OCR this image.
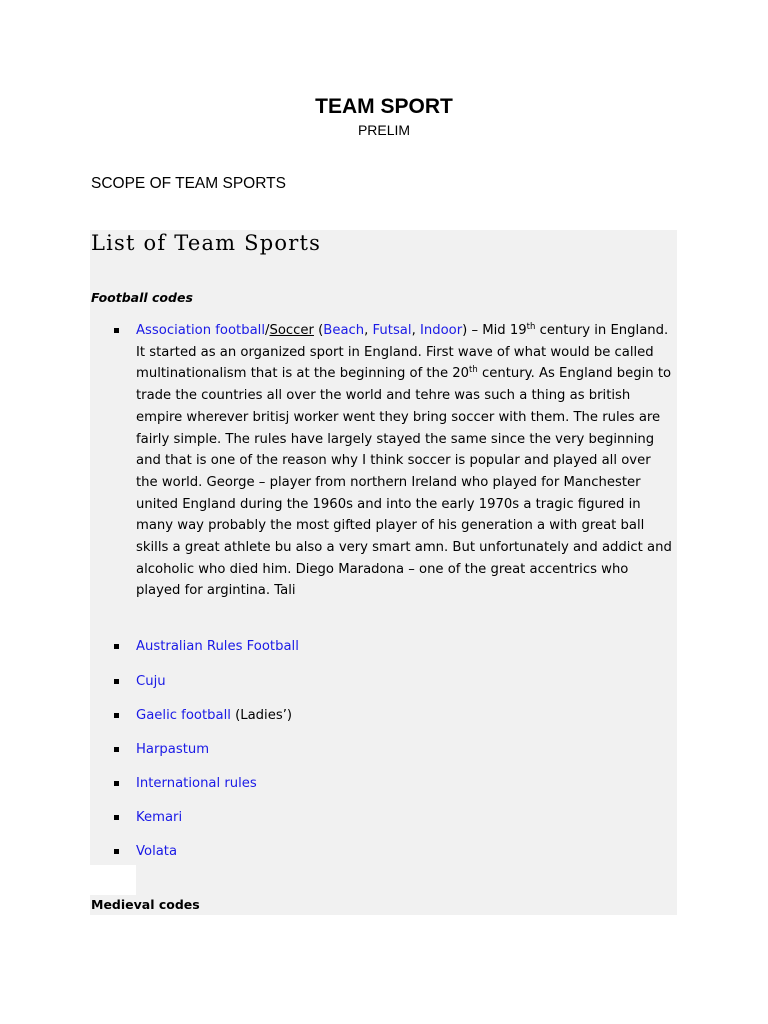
TEAM SPORT
PRELIM
SCOPE OF TEAM SPORTS
List of Team Sports
Football codes
Association football/Soccer (Beach, Futsal, Indoor) – Mid 19th century in England. It started as an organized sport in England. First wave of what would be called multinationalism that is at the beginning of the 20th century. As England begin to trade the countries all over the world and tehre was such a thing as british empire wherever britisj worker went they bring soccer with them. The rules are fairly simple. The rules have largely stayed the same since the very beginning and that is one of the reason why I think soccer is popular and played all over the world. George – player from northern Ireland who played for Manchester united England during the 1960s and into the early 1970s a tragic figured in many way probably the most gifted player of his generation a with great ball skills a great athlete bu also a very smart amn. But unfortunately and addict and alcoholic who died him. Diego Maradona – one of the great accentrics who played for argintina. Tali
Australian Rules Football
Cuju
Gaelic football (Ladies’)
Harpastum
International rules
Kemari
Volata
Medieval codes
